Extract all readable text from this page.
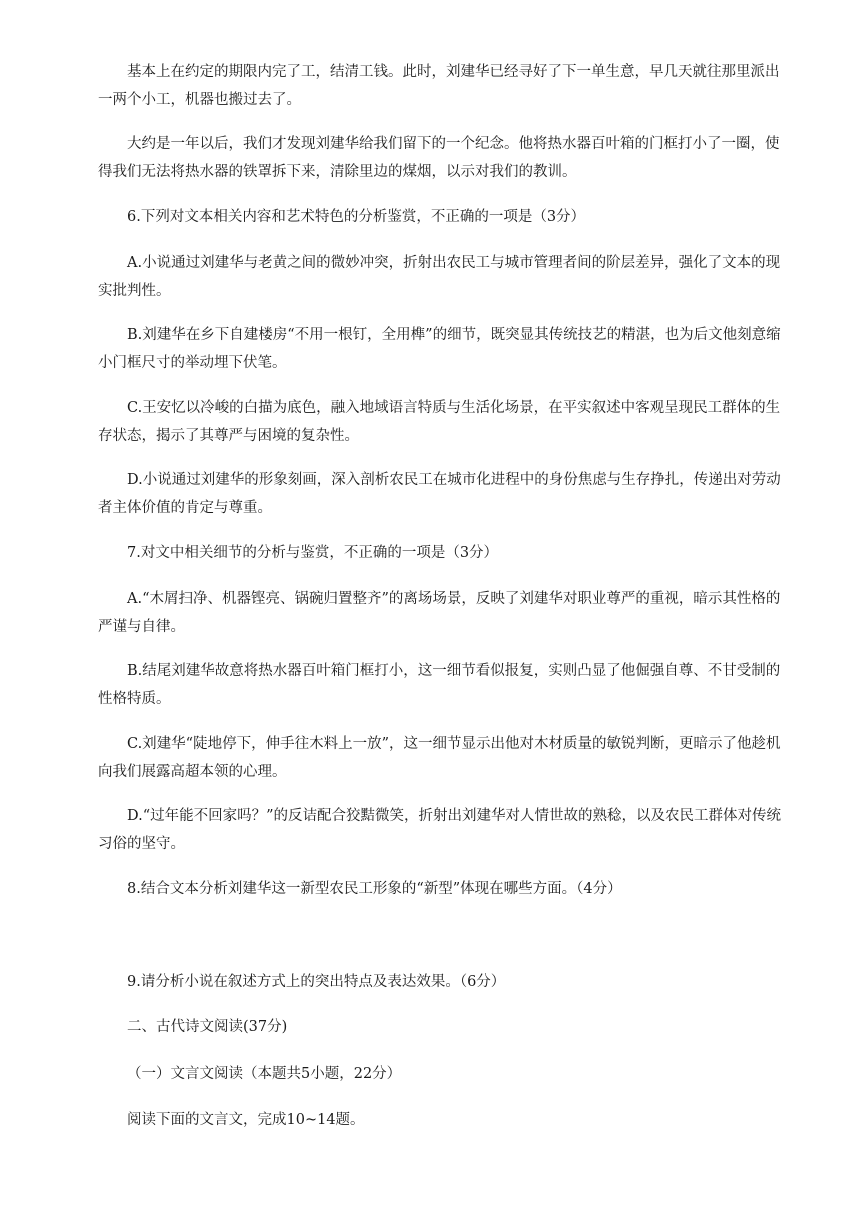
基本上在约定的期限内完了工，结清工钱。此时，刘建华已经寻好了下一单生意，早几天就往那里派出一两个小工，机器也搬过去了。

大约是一年以后，我们才发现刘建华给我们留下的一个纪念。他将热水器百叶箱的门框打小了一圈，使得我们无法将热水器的铁罩拆下来，清除里边的煤烟，以示对我们的教训。

6.下列对文本相关内容和艺术特色的分析鉴赏，不正确的一项是（3分）

A.小说通过刘建华与老黄之间的微妙冲突，折射出农民工与城市管理者间的阶层差异，强化了文本的现实批判性。

B.刘建华在乡下自建楼房“不用一根钉，全用榫”的细节，既突显其传统技艺的精湛，也为后文他刻意缩小门框尺寸的举动埋下伏笔。

C.王安忆以冷峻的白描为底色，融入地域语言特质与生活化场景，在平实叙述中客观呈现民工群体的生存状态，揭示了其尊严与困境的复杂性。

D.小说通过刘建华的形象刻画，深入剖析农民工在城市化进程中的身份焦虑与生存挣扎，传递出对劳动者主体价值的肯定与尊重。

7.对文中相关细节的分析与鉴赏，不正确的一项是（3分）

A.“木屑扫净、机器铿亮、锅碗归置整齐”的离场场景，反映了刘建华对职业尊严的重视，暗示其性格的严谨与自律。

B.结尾刘建华故意将热水器百叶箱门框打小，这一细节看似报复，实则凸显了他倔强自尊、不甘受制的性格特质。

C.刘建华“陡地停下，伸手往木料上一放”，这一细节显示出他对木材质量的敏锐判断，更暗示了他趁机向我们展露高超本领的心理。

D.“过年能不回家吗？”的反诘配合狡黠微笑，折射出刘建华对人情世故的熟稔，以及农民工群体对传统习俗的坚守。

8.结合文本分析刘建华这一新型农民工形象的“新型”体现在哪些方面。（4分）

9.请分析小说在叙述方式上的突出特点及表达效果。（6分）

二、古代诗文阅读(37分)

（一）文言文阅读（本题共5小题，22分）

阅读下面的文言文，完成10~14题。
